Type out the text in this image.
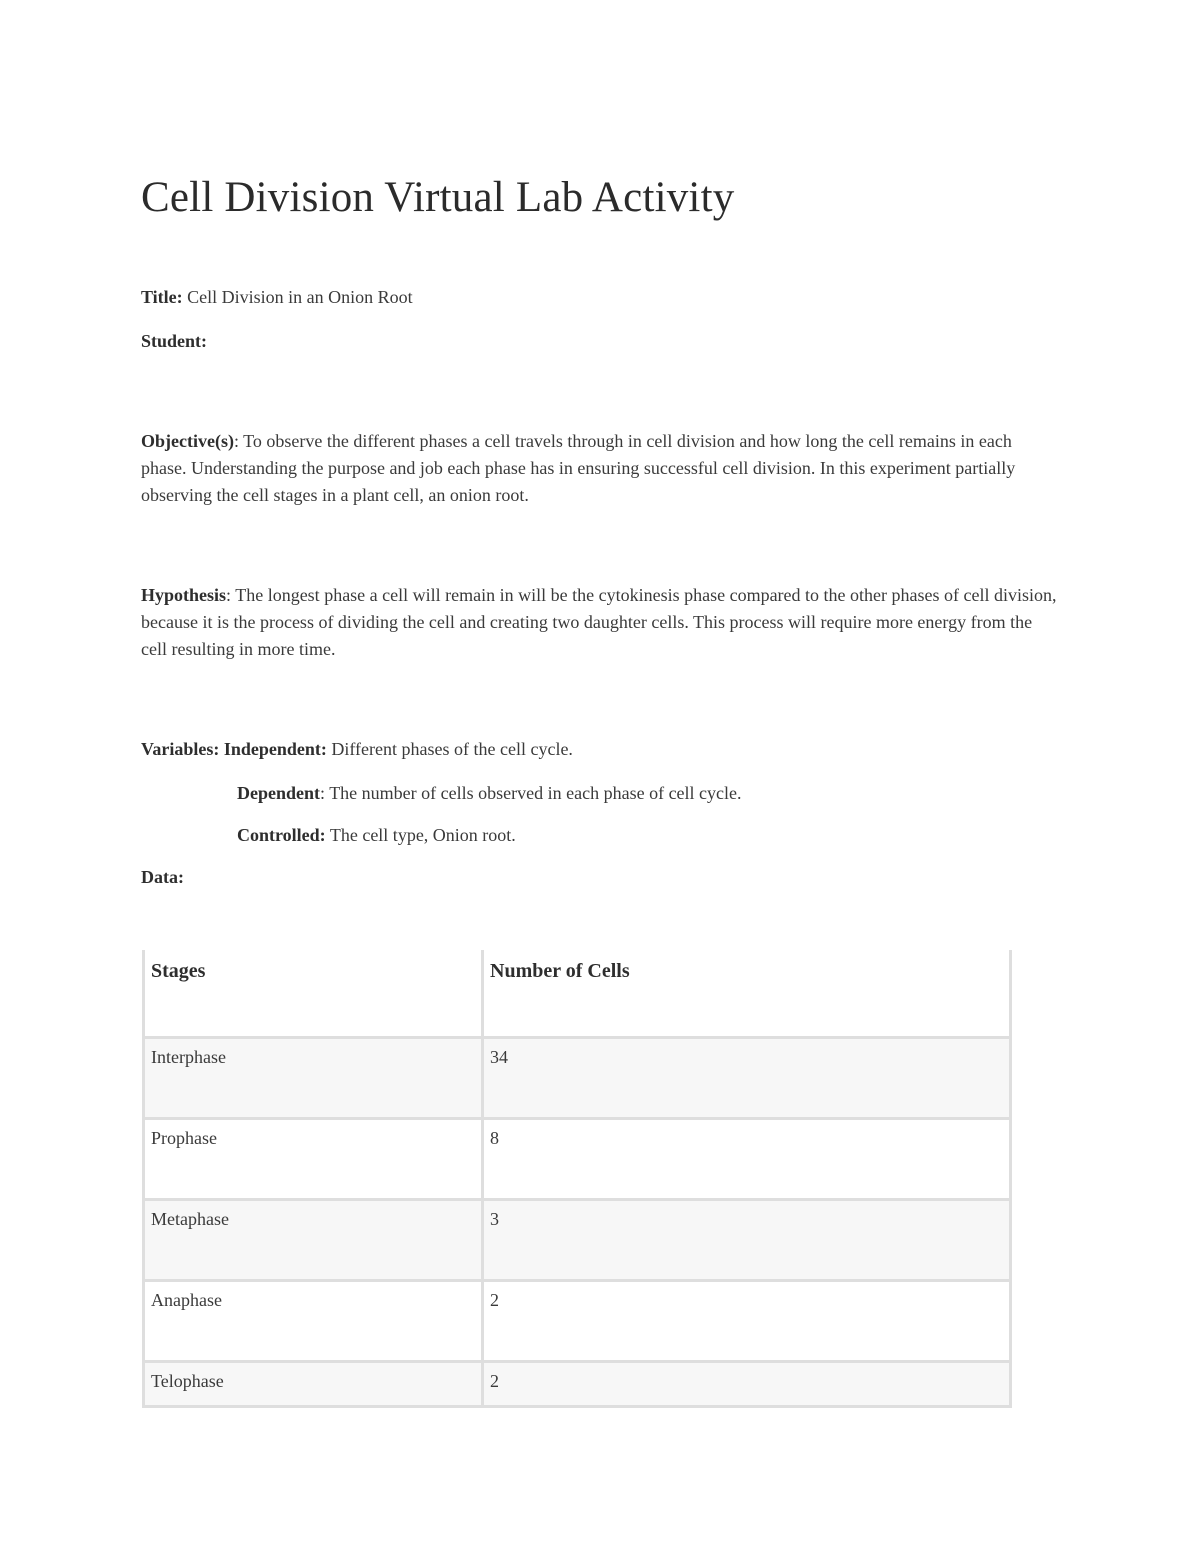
Cell Division Virtual Lab Activity

Title: Cell Division in an Onion Root

Student:

Objective(s): To observe the different phases a cell travels through in cell division and how long the cell remains in each phase. Understanding the purpose and job each phase has in ensuring successful cell division. In this experiment partially observing the cell stages in a plant cell, an onion root.

Hypothesis: The longest phase a cell will remain in will be the cytokinesis phase compared to the other phases of cell division, because it is the process of dividing the cell and creating two daughter cells. This process will require more energy from the cell resulting in more time.

Variables: Independent: Different phases of the cell cycle.

Dependent: The number of cells observed in each phase of cell cycle.

Controlled: The cell type, Onion root.

Data:

Stages	Number of Cells
Interphase	34
Prophase	8
Metaphase	3
Anaphase	2
Telophase	2
